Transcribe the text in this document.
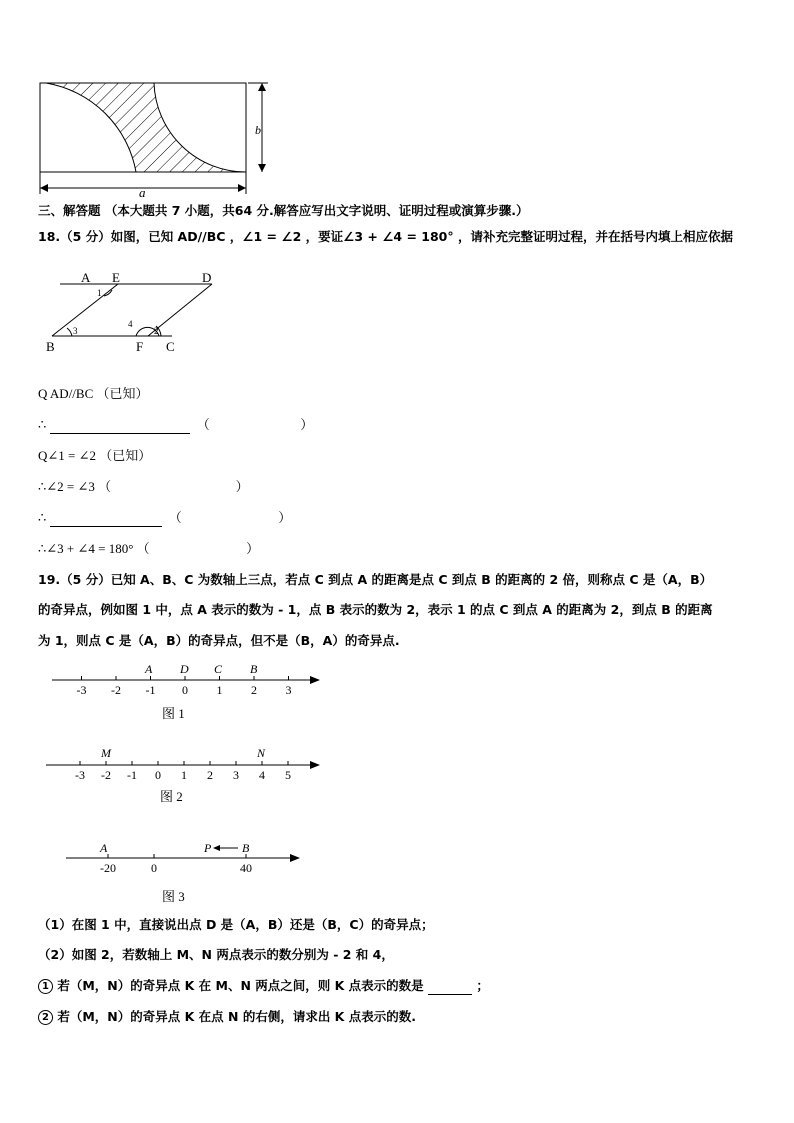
b
a
三、解答题 （本大题共 7 小题，共64 分.解答应写出文字说明、证明过程或演算步骤.）
18.（5 分）如图，已知 AD//BC ，∠1 = ∠2 ，要证∠3 + ∠4 = 180° ，请补充完整证明过程，并在括号内填上相应依据
A E	D
B	F C
1
2
3
4
Q AD//BC （已知）
∴	（	）
Q∠1 = ∠2 （已知）
∴∠2 = ∠3 （	）
∴	（	）
∴∠3 + ∠4 = 180° （	）
19.（5 分）已知 A、B、C 为数轴上三点，若点 C 到点 A 的距离是点 C 到点 B 的距离的 2 倍，则称点 C 是（A，B）
的奇异点，例如图 1 中，点 A 表示的数为 - 1，点 B 表示的数为 2，表示 1 的点 C 到点 A 的距离为 2，到点 B 的距离
为 1，则点 C 是（A，B）的奇异点，但不是（B，A）的奇异点.
-3 -2 -1 0 1 2 3
A D C B
图 1
-3 -2 -1 0 1 2 3 4 5
M	N
图 2
-20	0	40
A	P	B
图 3
（1）在图 1 中，直接说出点 D 是（A，B）还是（B，C）的奇异点；
（2）如图 2，若数轴上 M、N 两点表示的数分别为 - 2 和 4，
1 若（M，N）的奇异点 K 在 M、N 两点之间，则 K 点表示的数是	；
2 若（M，N）的奇异点 K 在点 N 的右侧，请求出 K 点表示的数.
